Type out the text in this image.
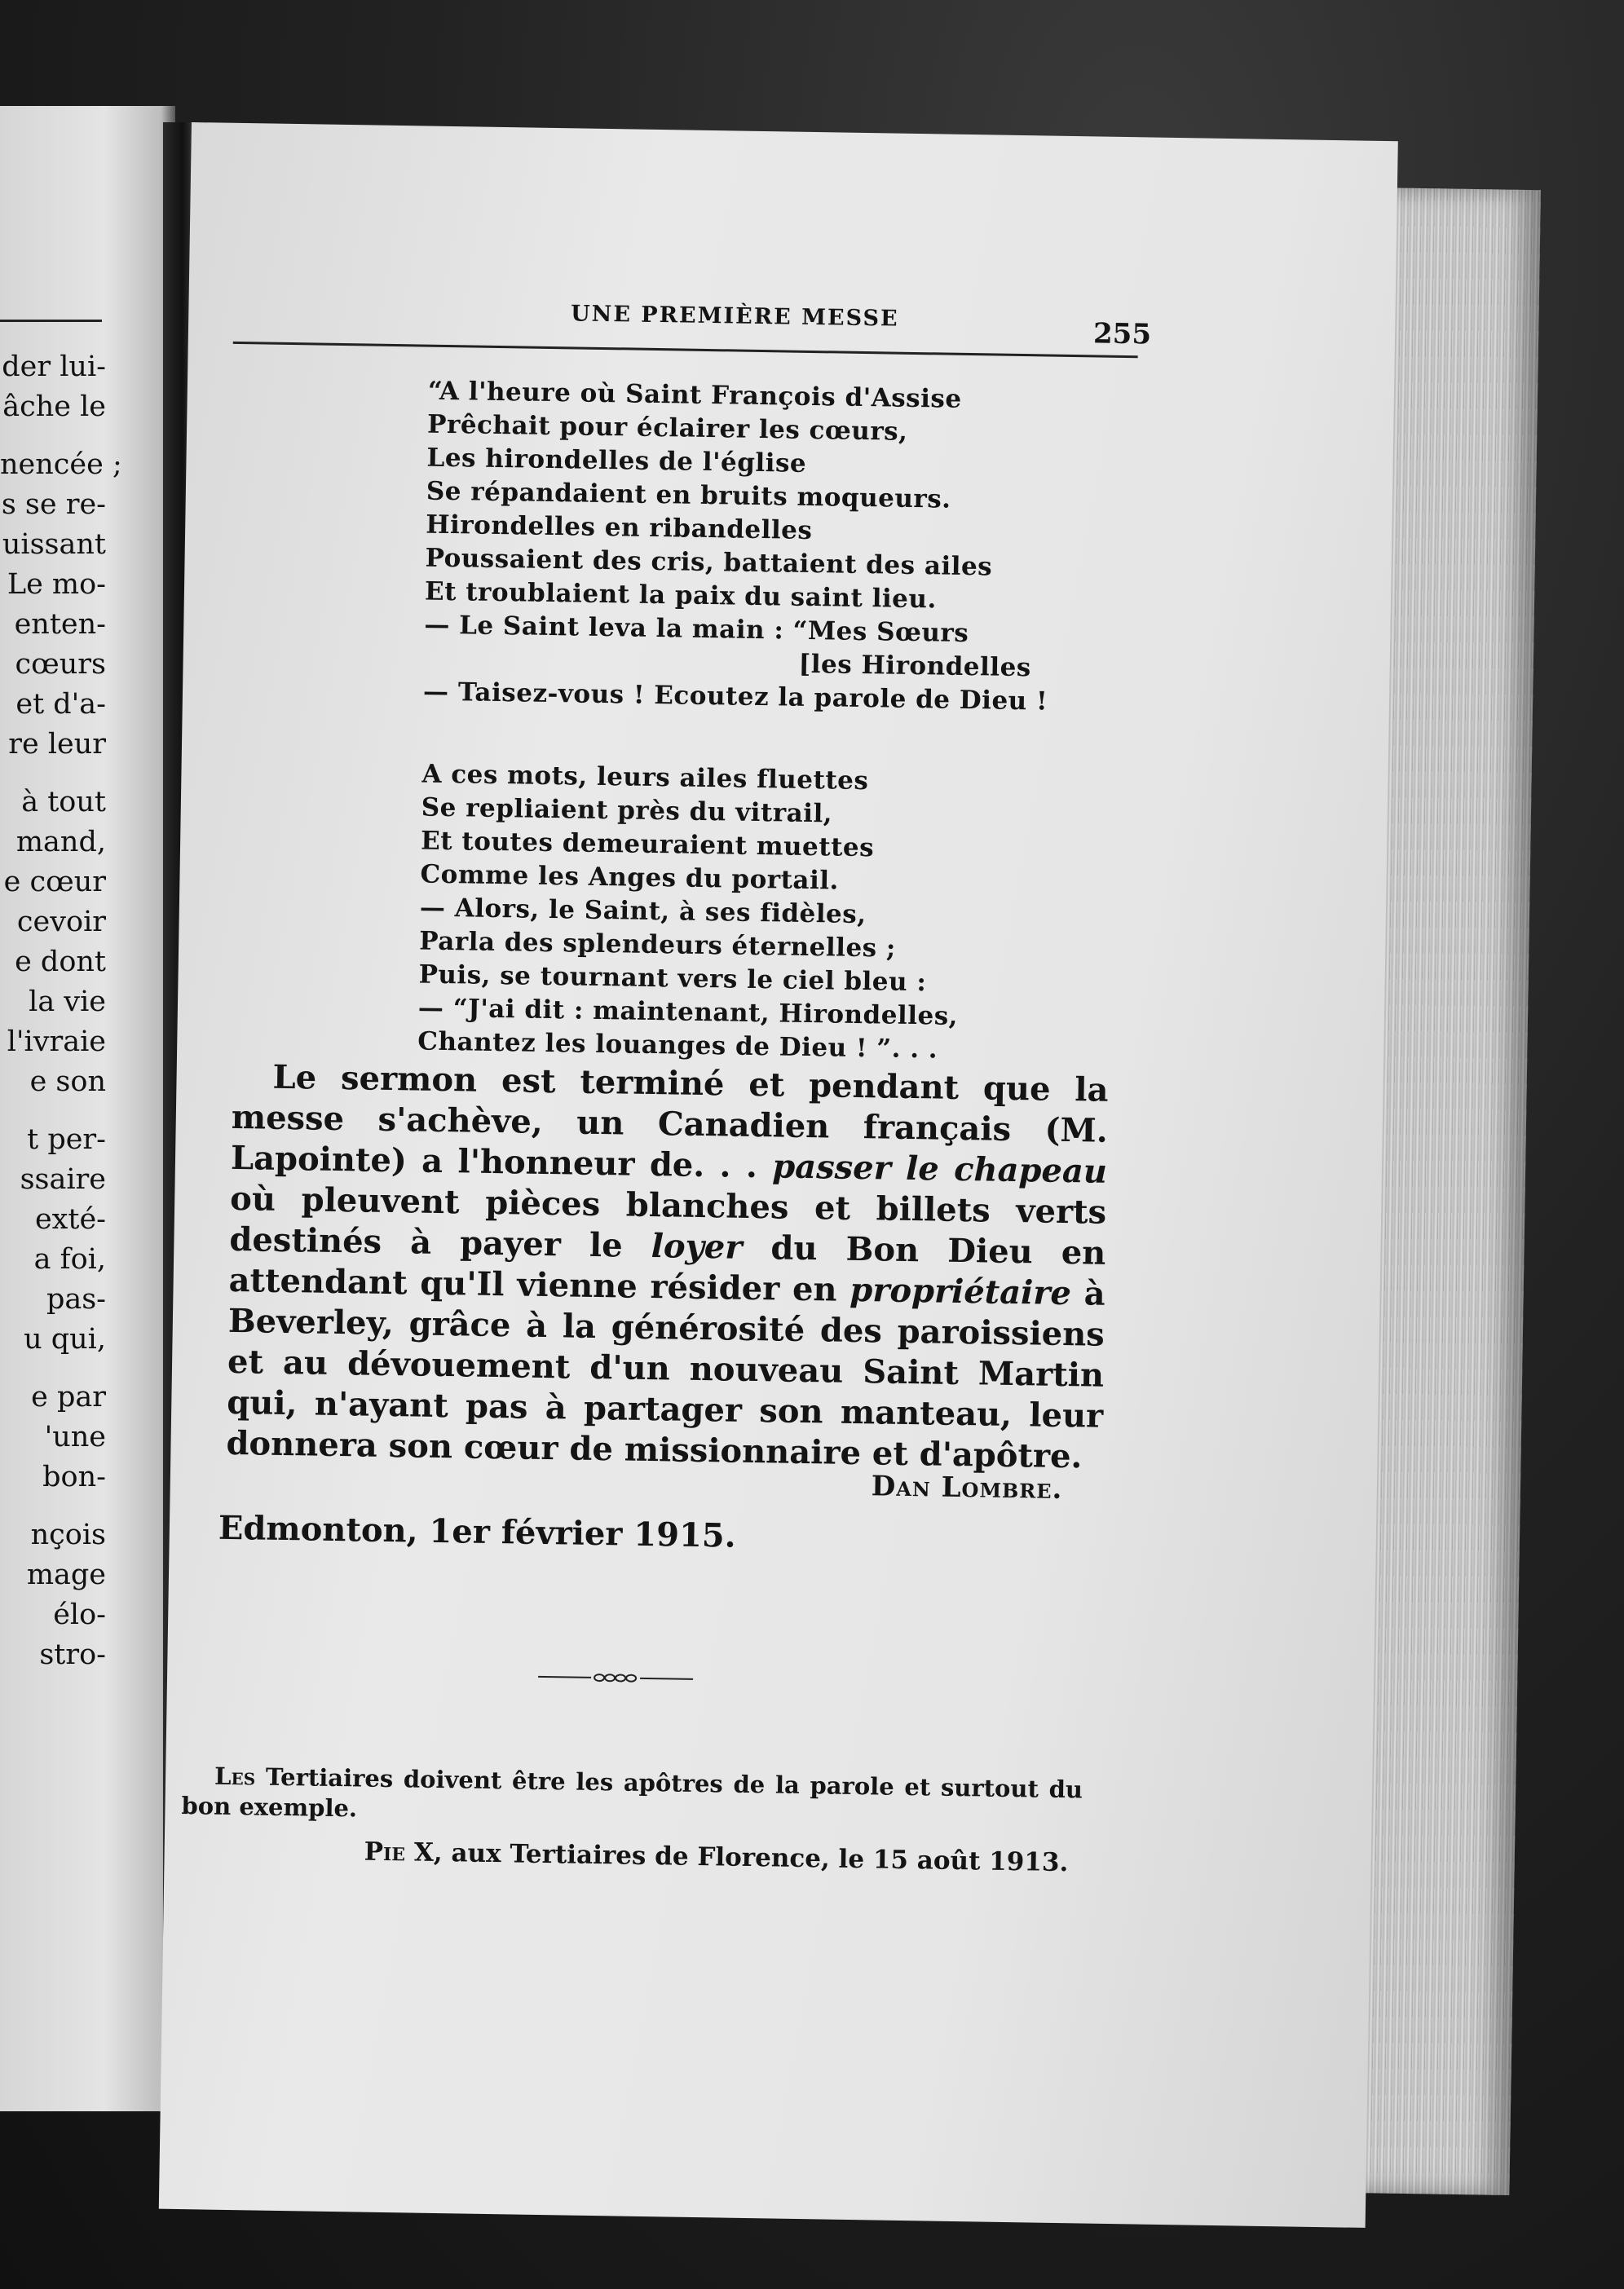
der lui-
âche le
nencée ;
s se re-
uissant
Le mo-
enten-
cœurs
et d'a-
re leur
à tout
mand,
e cœur
cevoir
e dont
la vie
l'ivraie
e son
t per-
ssaire
exté-
a foi,
pas-
u qui,
e par
'une
bon-
nçois
mage
élo-
stro-
UNE PREMIÈRE MESSE
255
“A l'heure où Saint François d'Assise
Prêchait pour éclairer les cœurs,
Les hirondelles de l'église
Se répandaient en bruits moqueurs.
Hirondelles en ribandelles
Poussaient des cris, battaient des ailes
Et troublaient la paix du saint lieu.
— Le Saint leva la main : “Mes Sœurs
[les Hirondelles
— Taisez-vous ! Ecoutez la parole de Dieu !
A ces mots, leurs ailes fluettes
Se repliaient près du vitrail,
Et toutes demeuraient muettes
Comme les Anges du portail.
— Alors, le Saint, à ses fidèles,
Parla des splendeurs éternelles ;
Puis, se tournant vers le ciel bleu :
— “J'ai dit : maintenant, Hirondelles,
Chantez les louanges de Dieu ! ”. . .
Le sermon est terminé et pendant que la messe s'achève, un Canadien français (M. Lapointe) a l'honneur de. . . passer le chapeau où pleuvent pièces blanches et billets verts destinés à payer le loyer du Bon Dieu en attendant qu'Il vienne résider en propriétaire à Beverley, grâce à la générosité des paroissiens et au dévouement d'un nouveau Saint Martin qui, n'ayant pas à partager son manteau, leur donnera son cœur de missionnaire et d'apôtre.
Dan Lombre.
Edmonton, 1er février 1915.
Les Tertiaires doivent être les apôtres de la parole et surtout du bon exemple.
Pie X, aux Tertiaires de Florence, le 15 août 1913.
